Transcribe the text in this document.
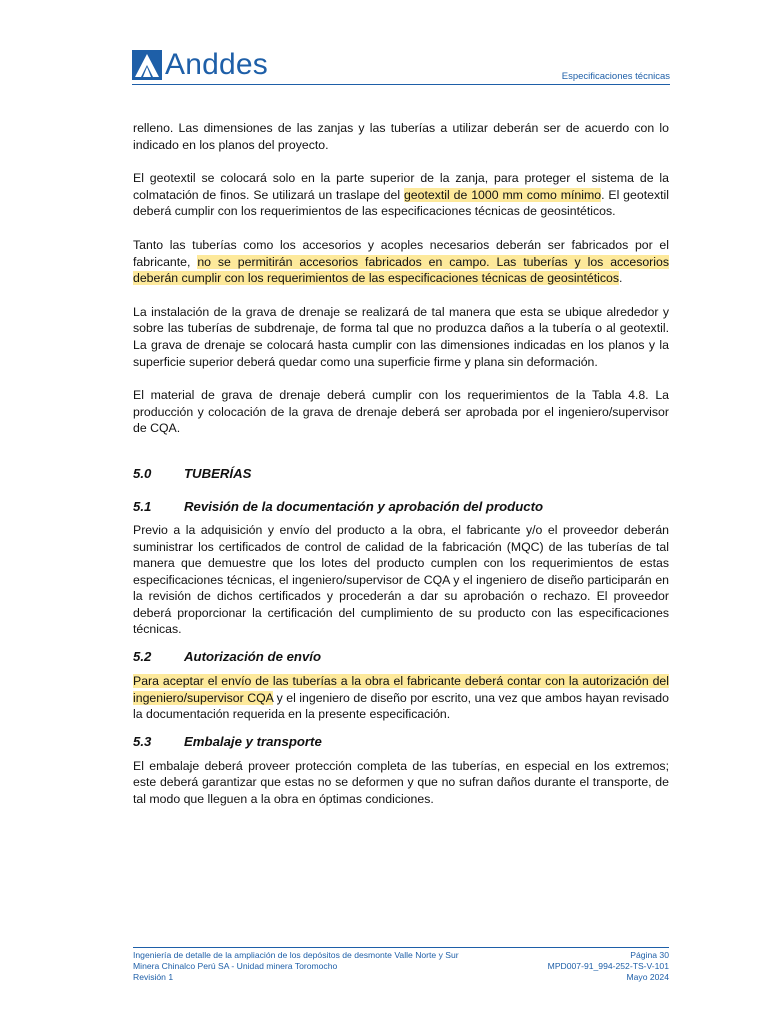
Anddes	Especificaciones técnicas

relleno. Las dimensiones de las zanjas y las tuberías a utilizar deberán ser de acuerdo con lo indicado en los planos del proyecto.

El geotextil se colocará solo en la parte superior de la zanja, para proteger el sistema de la colmatación de finos. Se utilizará un traslape del geotextil de 1000 mm como mínimo. El geotextil deberá cumplir con los requerimientos de las especificaciones técnicas de geosintéticos.

Tanto las tuberías como los accesorios y acoples necesarios deberán ser fabricados por el fabricante, no se permitirán accesorios fabricados en campo. Las tuberías y los accesorios deberán cumplir con los requerimientos de las especificaciones técnicas de geosintéticos.

La instalación de la grava de drenaje se realizará de tal manera que esta se ubique alrededor y sobre las tuberías de subdrenaje, de forma tal que no produzca daños a la tubería o al geotextil. La grava de drenaje se colocará hasta cumplir con las dimensiones indicadas en los planos y la superficie superior deberá quedar como una superficie firme y plana sin deformación.

El material de grava de drenaje deberá cumplir con los requerimientos de la Tabla 4.8. La producción y colocación de la grava de drenaje deberá ser aprobada por el ingeniero/supervisor de CQA.

5.0	TUBERÍAS
5.1	Revisión de la documentación y aprobación del producto

Previo a la adquisición y envío del producto a la obra, el fabricante y/o el proveedor deberán suministrar los certificados de control de calidad de la fabricación (MQC) de las tuberías de tal manera que demuestre que los lotes del producto cumplen con los requerimientos de estas especificaciones técnicas, el ingeniero/supervisor de CQA y el ingeniero de diseño participarán en la revisión de dichos certificados y procederán a dar su aprobación o rechazo. El proveedor deberá proporcionar la certificación del cumplimiento de su producto con las especificaciones técnicas.

5.2	Autorización de envío

Para aceptar el envío de las tuberías a la obra el fabricante deberá contar con la autorización del ingeniero/supervisor CQA y el ingeniero de diseño por escrito, una vez que ambos hayan revisado la documentación requerida en la presente especificación.

5.3	Embalaje y transporte

El embalaje deberá proveer protección completa de las tuberías, en especial en los extremos; este deberá garantizar que estas no se deformen y que no sufran daños durante el transporte, de tal modo que lleguen a la obra en óptimas condiciones.

Ingeniería de detalle de la ampliación de los depósitos de desmonte Valle Norte y Sur	Página 30
Minera Chinalco Perú SA - Unidad minera Toromocho	MPD007-91_994-252-TS-V-101
Revisión 1	Mayo 2024
